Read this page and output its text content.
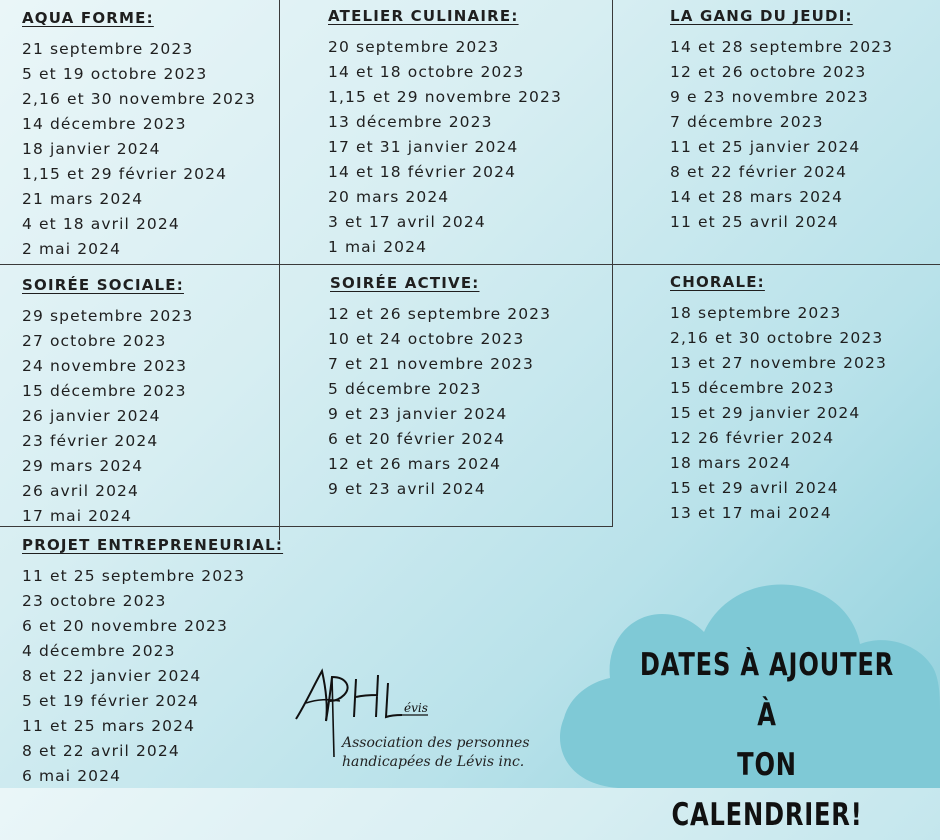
AQUA FORME:
21 septembre 2023
5 et 19 octobre 2023
2,16 et 30 novembre 2023
14 décembre 2023
18 janvier 2024
1,15 et 29 février 2024
21 mars 2024
4 et 18 avril 2024
2 mai 2024
ATELIER CULINAIRE:
20 septembre 2023
14 et 18 octobre 2023
1,15 et 29 novembre 2023
13 décembre 2023
17 et 31 janvier 2024
14 et 18 février 2024
20 mars 2024
3 et 17 avril 2024
1 mai 2024
LA GANG DU JEUDI:
14 et 28 septembre 2023
12 et 26 octobre 2023
9 e 23 novembre 2023
7 décembre 2023
11 et 25 janvier 2024
8 et 22 février 2024
14 et 28 mars 2024
11 et 25 avril 2024
SOIRÉE SOCIALE:
29 spetembre 2023
27 octobre 2023
24 novembre 2023
15 décembre 2023
26 janvier 2024
23 février 2024
29 mars 2024
26 avril 2024
17 mai 2024
SOIRÉE ACTIVE:
12 et 26 septembre 2023
10 et 24 octobre 2023
7 et 21 novembre 2023
5 décembre 2023
9 et 23 janvier 2024
6 et 20 février 2024
12 et 26 mars 2024
9 et 23 avril 2024
CHORALE:
18 septembre 2023
2,16 et 30 octobre 2023
13 et 27 novembre 2023
15 décembre 2023
15 et 29 janvier 2024
12 26 février 2024
18 mars 2024
15 et 29 avril 2024
13 et 17 mai 2024
PROJET ENTREPRENEURIAL:
11 et 25 septembre 2023
23 octobre 2023
6 et 20 novembre 2023
4 décembre 2023
8 et 22 janvier 2024
5 et 19 février 2024
11 et 25 mars 2024
8 et 22 avril 2024
6 mai 2024
DATES À AJOUTER À
TON CALENDRIER!
évis
Association des personnes
handicapées de Lévis inc.
